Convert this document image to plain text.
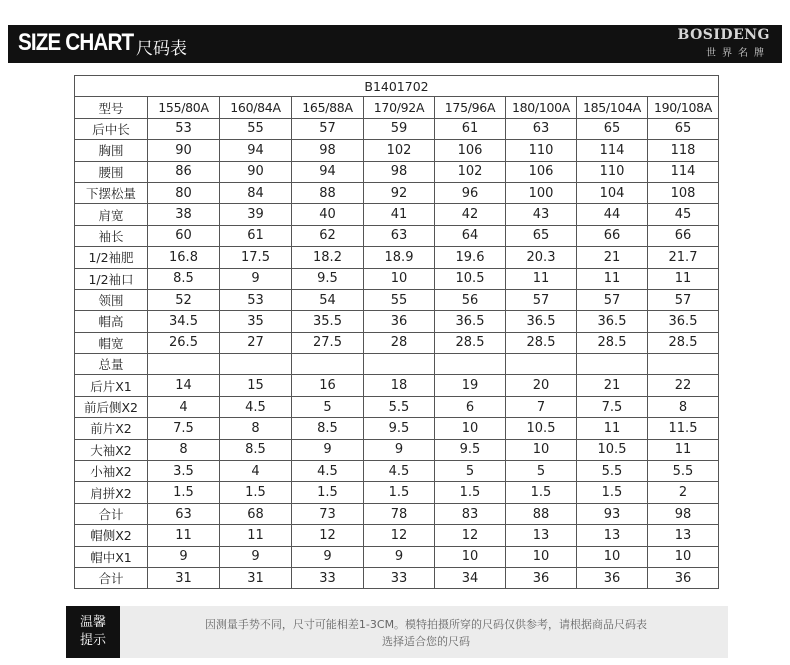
SIZE CHART 尺码表
BOSIDENG
世界名牌
B1401702								
型号	155/80A	160/84A	165/88A	170/92A	175/96A	180/100A	185/104A	190/108A
后中长	53	55	57	59	61	63	65	65
胸围	90	94	98	102	106	110	114	118
腰围	86	90	94	98	102	106	110	114
下摆松量	80	84	88	92	96	100	104	108
肩宽	38	39	40	41	42	43	44	45
袖长	60	61	62	63	64	65	66	66
1/2袖肥	16.8	17.5	18.2	18.9	19.6	20.3	21	21.7
1/2袖口	8.5	9	9.5	10	10.5	11	11	11
领围	52	53	54	55	56	57	57	57
帽高	34.5	35	35.5	36	36.5	36.5	36.5	36.5
帽宽	26.5	27	27.5	28	28.5	28.5	28.5	28.5
总量								
后片X1	14	15	16	18	19	20	21	22
前后侧X2	4	4.5	5	5.5	6	7	7.5	8
前片X2	7.5	8	8.5	9.5	10	10.5	11	11.5
大袖X2	8	8.5	9	9	9.5	10	10.5	11
小袖X2	3.5	4	4.5	4.5	5	5	5.5	5.5
肩拼X2	1.5	1.5	1.5	1.5	1.5	1.5	1.5	2
合计	63	68	73	78	83	88	93	98
帽侧X2	11	11	12	12	12	13	13	13
帽中X1	9	9	9	9	10	10	10	10
合计	31	31	33	33	34	36	36	36
温馨
提示
因测量手势不同，尺寸可能相差1-3CM。模特拍摄所穿的尺码仅供参考，请根据商品尺码表
选择适合您的尺码
